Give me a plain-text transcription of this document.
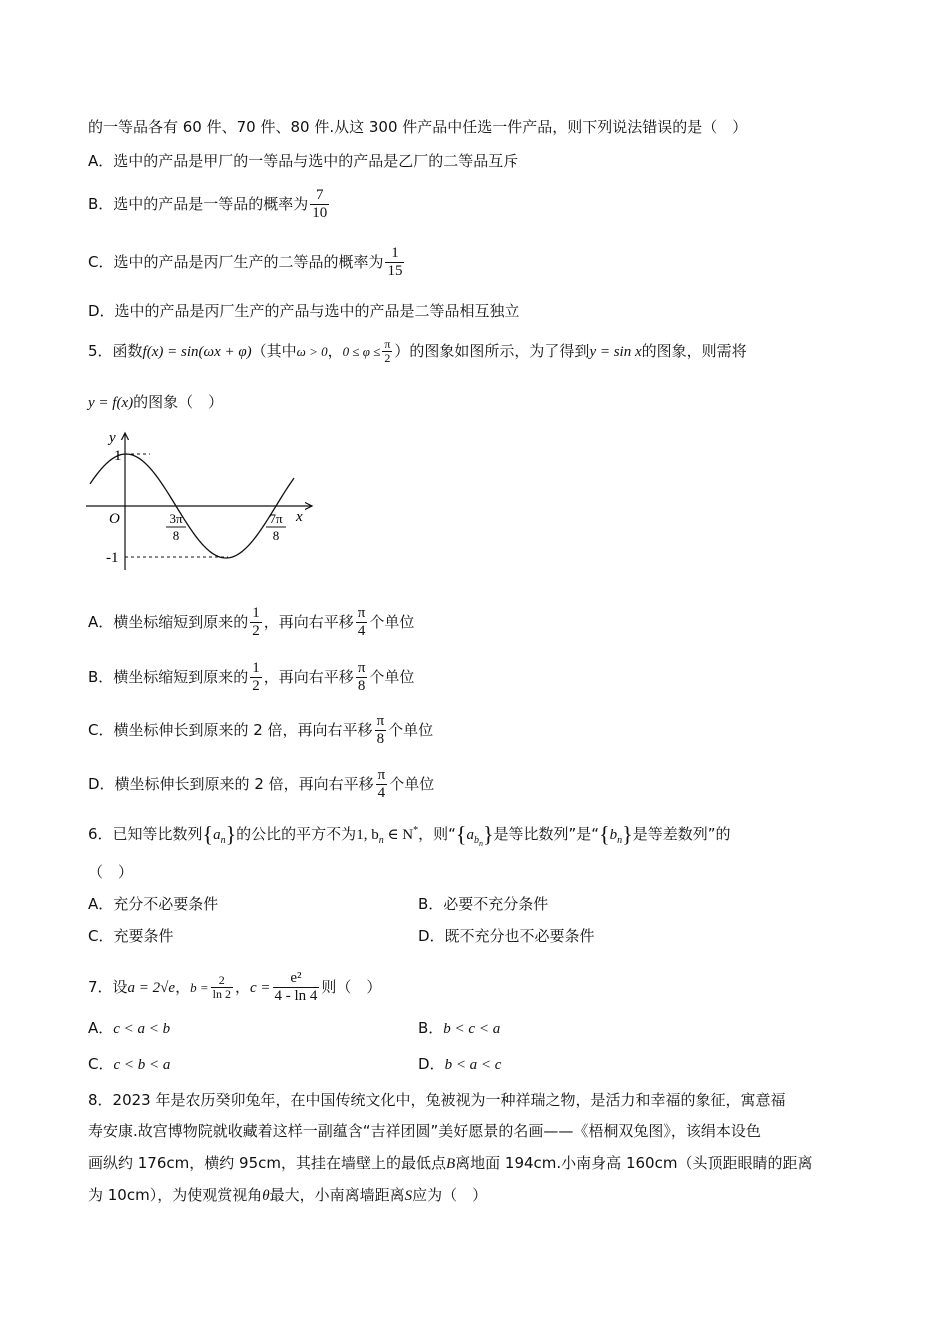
的一等品各有 60 件、70 件、80 件.从这 300 件产品中任选一件产品，则下列说法错误的是（　）
A．选中的产品是甲厂的一等品与选中的产品是乙厂的二等品互斥
B．选中的产品是一等品的概率为 $\frac{7}{10}$
C．选中的产品是丙厂生产的二等品的概率为 $\frac{1}{15}$
D．选中的产品是丙厂生产的产品与选中的产品是二等品相互独立
5．函数f(x) = sin(ωx + φ)（其中ω > 0，$0 \le \varphi \le \frac{\pi}{2}$ ）的图象如图所示，为了得到y = sin x的图象，则需将
y = f(x)的图象（　）
y
x
O
1
-1
3π
8
7π
8
A．横坐标缩短到原来的 $\frac{1}{2}$ ，再向右平移 $\frac{\pi}{4}$ 个单位
B．横坐标缩短到原来的 $\frac{1}{2}$ ，再向右平移 $\frac{\pi}{8}$ 个单位
C．横坐标伸长到原来的 2 倍，再向右平移 $\frac{\pi}{8}$ 个单位
D．横坐标伸长到原来的 2 倍，再向右平移 $\frac{\pi}{4}$ 个单位
6．已知等比数列$\{a_n\}$的公比的平方不为1, $b_n$ ∈ N*，则“$\{a_{b_n}\}$是等比数列”是“$\{b_n\}$是等差数列”的
（　）
A．充分不必要条件	B．必要不充分条件
C．充要条件	D．既不充分也不必要条件
7．设a = 2√e，$b = \frac{2}{\ln 2}$ ，$c = \frac{\text{e²}}{4 - \ln 4}$ 则（　）
A．c < a < b	B．b < c < a
C．c < b < a	D．b < a < c
8．2023 年是农历癸卯兔年，在中国传统文化中，兔被视为一种祥瑞之物，是活力和幸福的象征，寓意福
寿安康.故宫博物院就收藏着这样一副蕴含“吉祥团圆”美好愿景的名画——《梧桐双兔图》，该绢本设色
画纵约 176cm，横约 95cm，其挂在墙壁上的最低点B离地面 194cm.小南身高 160cm（头顶距眼睛的距离
为 10cm），为使观赏视角θ最大，小南离墙距离S应为（　）
